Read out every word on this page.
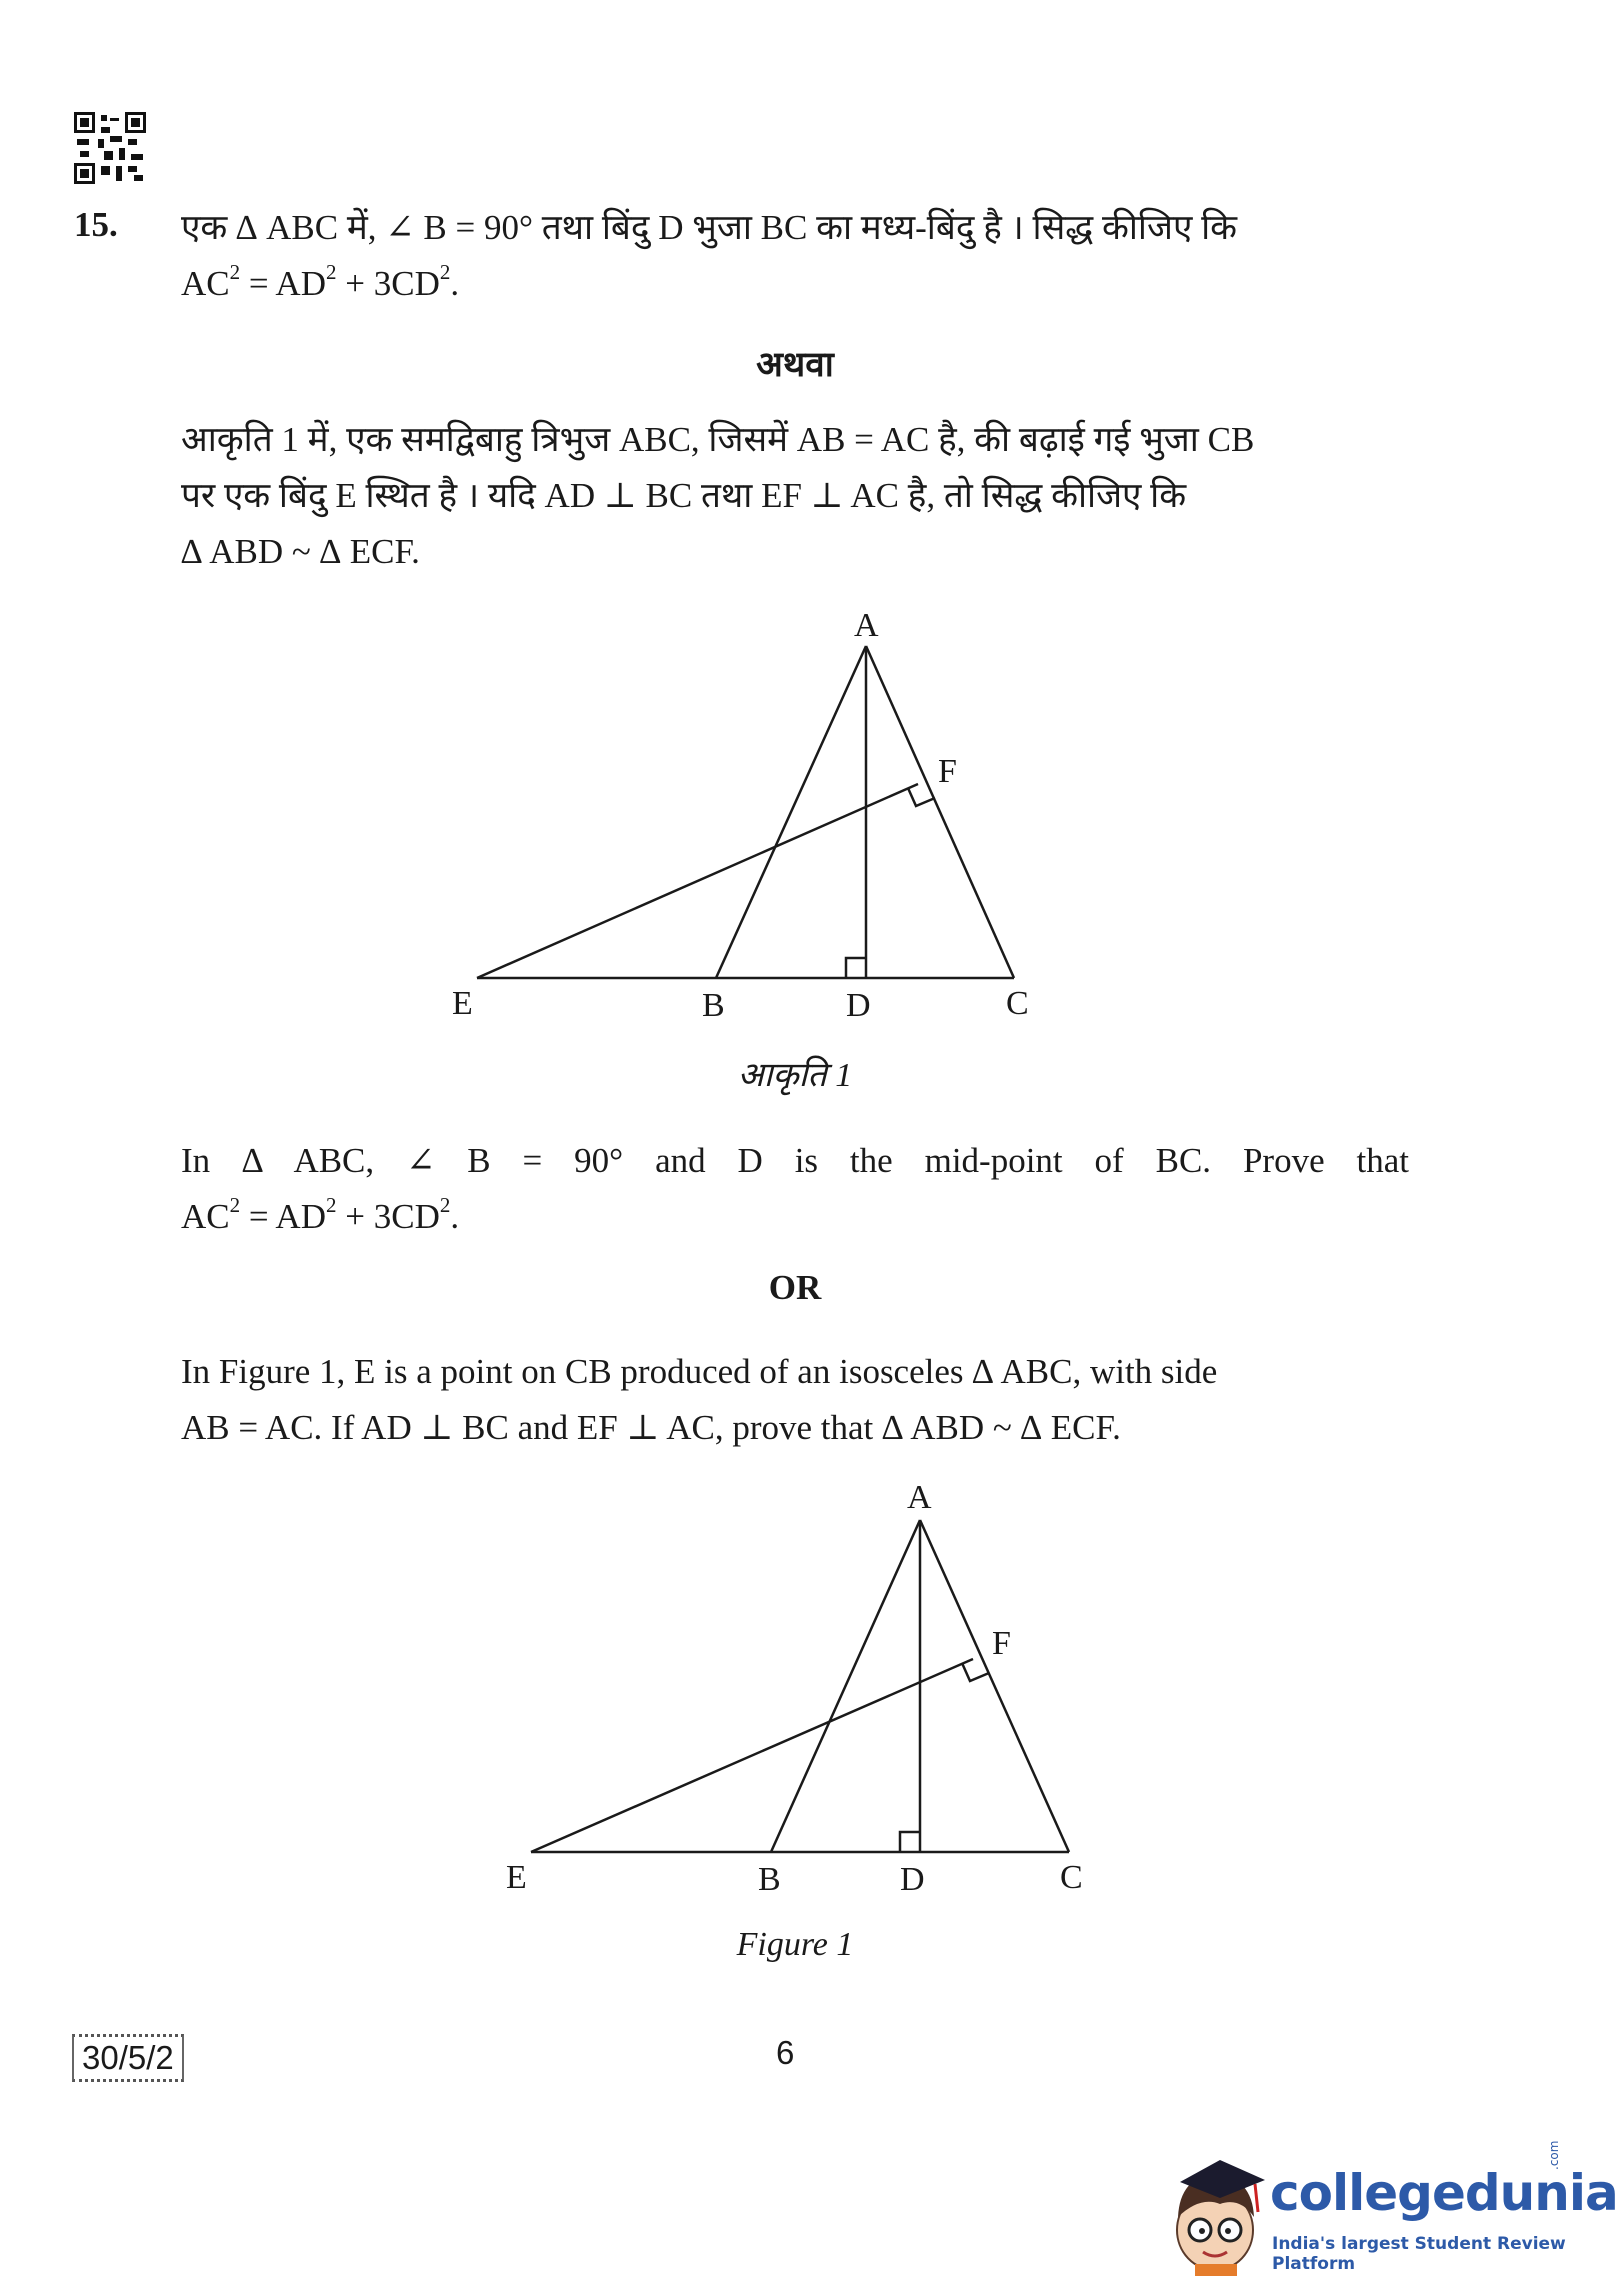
15. एक ∆ ABC में, ∠ B = 90° तथा बिंदु D भुजा BC का मध्य-बिंदु है । सिद्ध कीजिए कि
$AC^2 = AD^2 + 3CD^2$.
अथवा
आकृति 1 में, एक समद्विबाहु त्रिभुज ABC, जिसमें AB = AC है, की बढ़ाई गई भुजा CB
पर एक बिंदु E स्थित है । यदि AD ⊥ BC तथा EF ⊥ AC है, तो सिद्ध कीजिए कि
∆ ABD ~ ∆ ECF.
A
F
E	B	D	C
आकृति 1
In ∆ ABC, ∠ B = 90° and D is the mid-point of BC. Prove that
$AC^2 = AD^2 + 3CD^2$.
OR
In Figure 1, E is a point on CB produced of an isosceles ∆ ABC, with side
AB = AC. If AD ⊥ BC and EF ⊥ AC, prove that ∆ ABD ~ ∆ ECF.
A
F
E	B	D	C
Figure 1
30/5/2	6
collegedunia
India's largest Student Review Platform
.com
